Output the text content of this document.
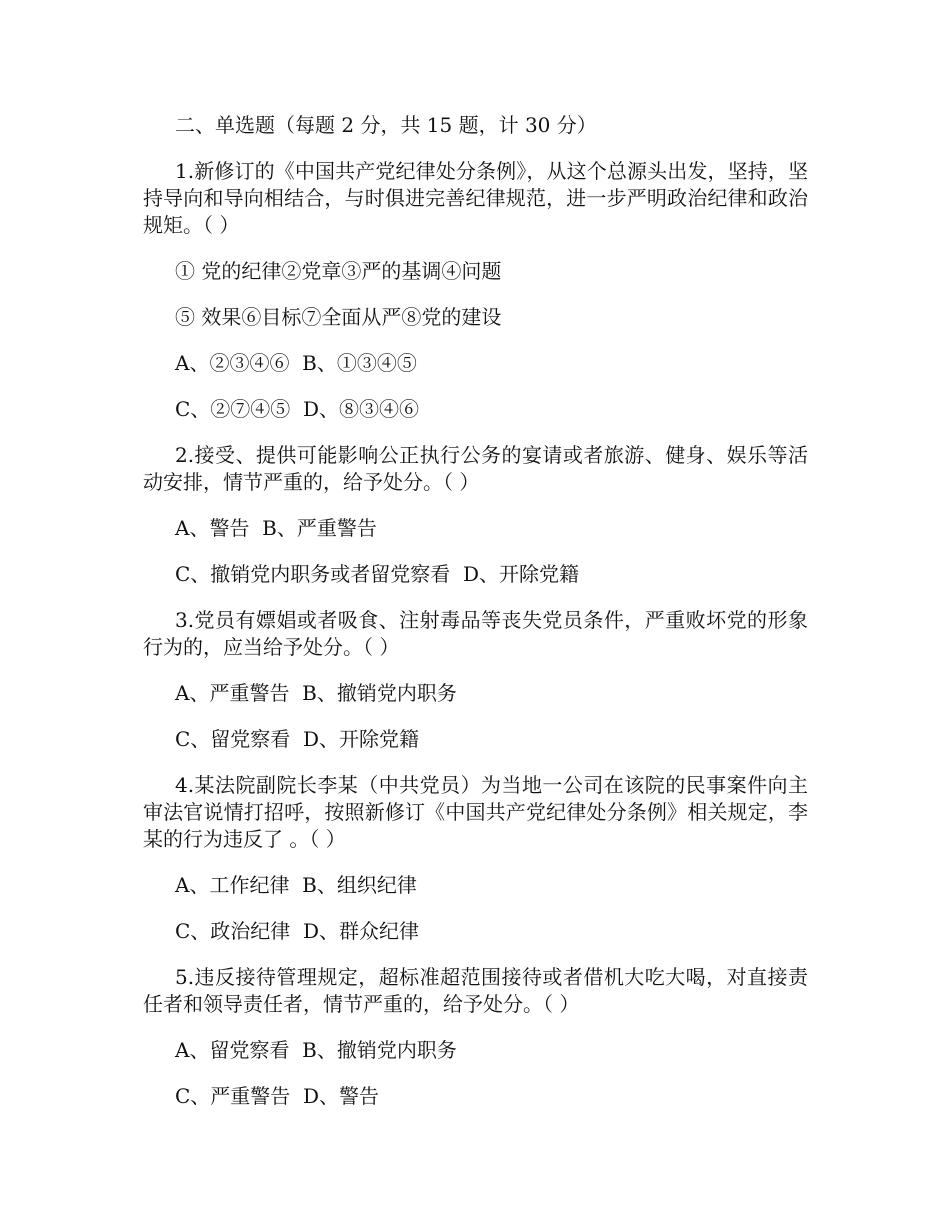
二、单选题（每题 2 分，共 15 题，计 30 分）

1.新修订的《中国共产党纪律处分条例》，从这个总源头出发，坚持，坚持导向和导向相结合，与时俱进完善纪律规范，进一步严明政治纪律和政治规矩。（ ）

① 党的纪律②党章③严的基调④问题

⑤ 效果⑥目标⑦全面从严⑧党的建设

A、②③④⑥  B、①③④⑤

C、②⑦④⑤  D、⑧③④⑥

2.接受、提供可能影响公正执行公务的宴请或者旅游、健身、娱乐等活动安排，情节严重的，给予处分。（ ）

A、警告  B、严重警告

C、撤销党内职务或者留党察看  D、开除党籍

3.党员有嫖娼或者吸食、注射毒品等丧失党员条件，严重败坏党的形象行为的，应当给予处分。（ ）

A、严重警告  B、撤销党内职务

C、留党察看  D、开除党籍

4.某法院副院长李某（中共党员）为当地一公司在该院的民事案件向主审法官说情打招呼，按照新修订《中国共产党纪律处分条例》相关规定，李某的行为违反了 。（ ）

A、工作纪律  B、组织纪律

C、政治纪律  D、群众纪律

5.违反接待管理规定，超标准超范围接待或者借机大吃大喝，对直接责任者和领导责任者，情节严重的，给予处分。（ ）

A、留党察看  B、撤销党内职务

C、严重警告  D、警告
